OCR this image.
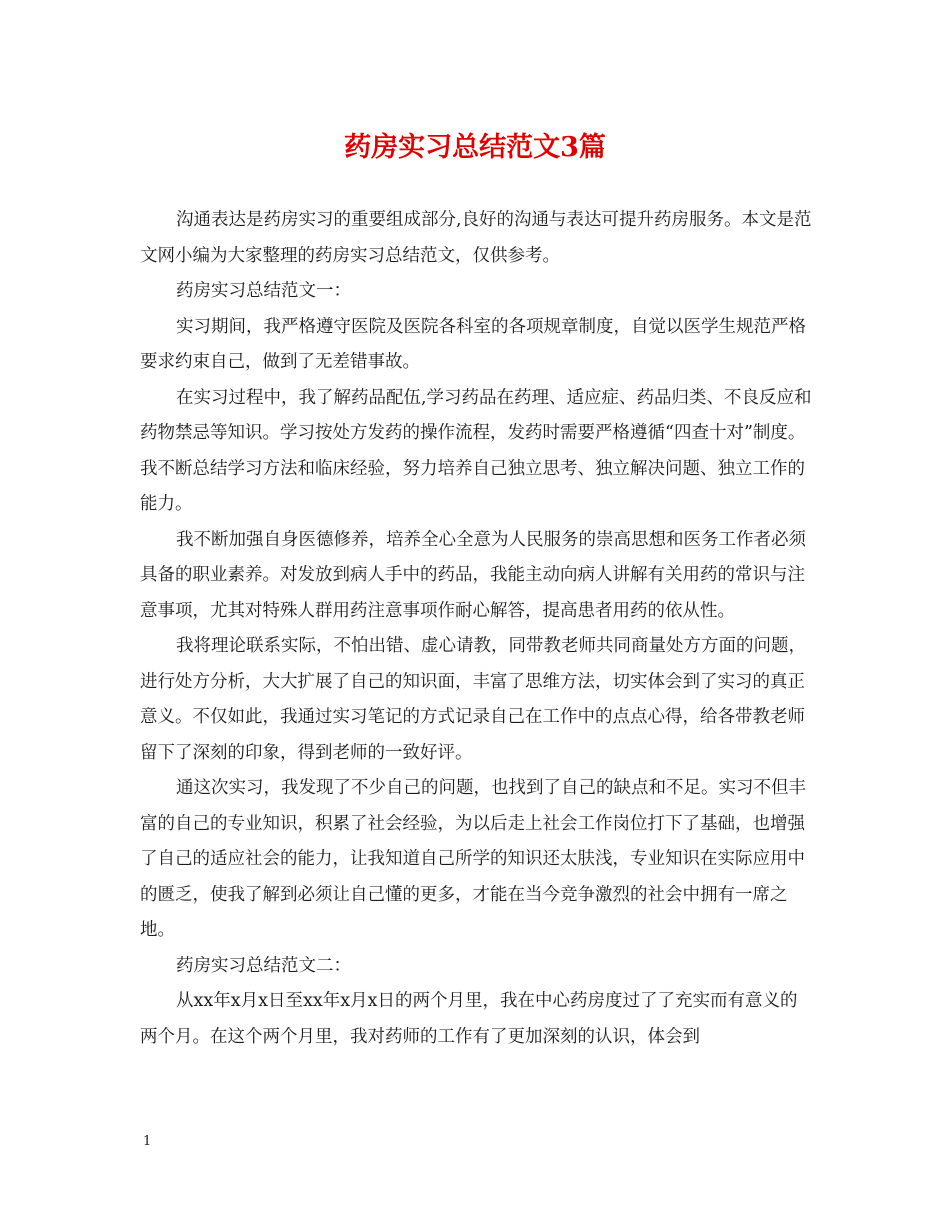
药房实习总结范文3篇

沟通表达是药房实习的重要组成部分,良好的沟通与表达可提升药房服务。本文是范文网小编为大家整理的药房实习总结范文，仅供参考。

药房实习总结范文一：

实习期间，我严格遵守医院及医院各科室的各项规章制度，自觉以医学生规范严格要求约束自己，做到了无差错事故。

在实习过程中，我了解药品配伍,学习药品在药理、适应症、药品归类、不良反应和药物禁忌等知识。学习按处方发药的操作流程，发药时需要严格遵循“四查十对”制度。我不断总结学习方法和临床经验，努力培养自己独立思考、独立解决问题、独立工作的能力。

我不断加强自身医德修养，培养全心全意为人民服务的崇高思想和医务工作者必须具备的职业素养。对发放到病人手中的药品，我能主动向病人讲解有关用药的常识与注意事项，尤其对特殊人群用药注意事项作耐心解答，提高患者用药的依从性。

我将理论联系实际，不怕出错、虚心请教，同带教老师共同商量处方方面的问题，进行处方分析，大大扩展了自己的知识面，丰富了思维方法，切实体会到了实习的真正意义。不仅如此，我通过实习笔记的方式记录自己在工作中的点点心得，给各带教老师留下了深刻的印象，得到老师的一致好评。

通这次实习，我发现了不少自己的问题，也找到了自己的缺点和不足。实习不但丰富的自己的专业知识，积累了社会经验，为以后走上社会工作岗位打下了基础，也增强了自己的适应社会的能力，让我知道自己所学的知识还太肤浅，专业知识在实际应用中的匮乏，使我了解到必须让自己懂的更多，才能在当今竞争激烈的社会中拥有一席之地。

药房实习总结范文二：

从xx年x月x日至xx年x月x日的两个月里，我在中心药房度过了了充实而有意义的两个月。在这个两个月里，我对药师的工作有了更加深刻的认识，体会到

1
